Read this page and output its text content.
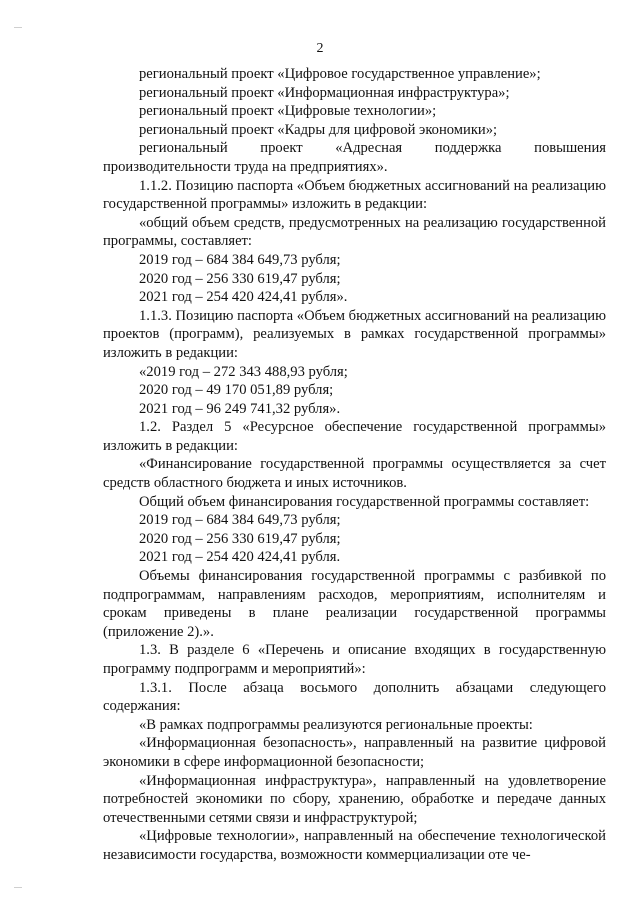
2

региональный проект «Цифровое государственное управление»;

региональный проект «Информационная инфраструктура»;

региональный проект «Цифровые технологии»;

региональный проект «Кадры для цифровой экономики»;

региональный проект «Адресная поддержка повышения производительности труда на предприятиях».

1.1.2. Позицию паспорта «Объем бюджетных ассигнований на реализацию государственной программы» изложить в редакции:

«общий объем средств, предусмотренных на реализацию государственной программы, составляет:

2019 год – 684 384 649,73 рубля;

2020 год – 256 330 619,47 рубля;

2021 год – 254 420 424,41 рубля».

1.1.3. Позицию паспорта «Объем бюджетных ассигнований на реализацию проектов (программ), реализуемых в рамках государственной программы» изложить в редакции:

«2019 год – 272 343 488,93 рубля;

2020 год – 49 170 051,89 рубля;

2021 год – 96 249 741,32 рубля».

1.2. Раздел 5 «Ресурсное обеспечение государственной программы» изложить в редакции:

«Финансирование государственной программы осуществляется за счет средств областного бюджета и иных источников.

Общий объем финансирования государственной программы составляет:

2019 год – 684 384 649,73 рубля;

2020 год – 256 330 619,47 рубля;

2021 год – 254 420 424,41 рубля.

Объемы финансирования государственной программы с разбивкой по подпрограммам, направлениям расходов, мероприятиям, исполнителям и срокам приведены в плане реализации государственной программы (приложение 2).».

1.3. В разделе 6 «Перечень и описание входящих в государственную программу подпрограмм и мероприятий»:

1.3.1. После абзаца восьмого дополнить абзацами следующего содержания:

«В рамках подпрограммы реализуются региональные проекты:

«Информационная безопасность», направленный на развитие цифровой экономики в сфере информационной безопасности;

«Информационная инфраструктура», направленный на удовлетворение потребностей экономики по сбору, хранению, обработке и передаче данных отечественными сетями связи и инфраструктурой;

«Цифровые технологии», направленный на обеспечение технологической независимости государства, возможности коммерциализации оте че-
